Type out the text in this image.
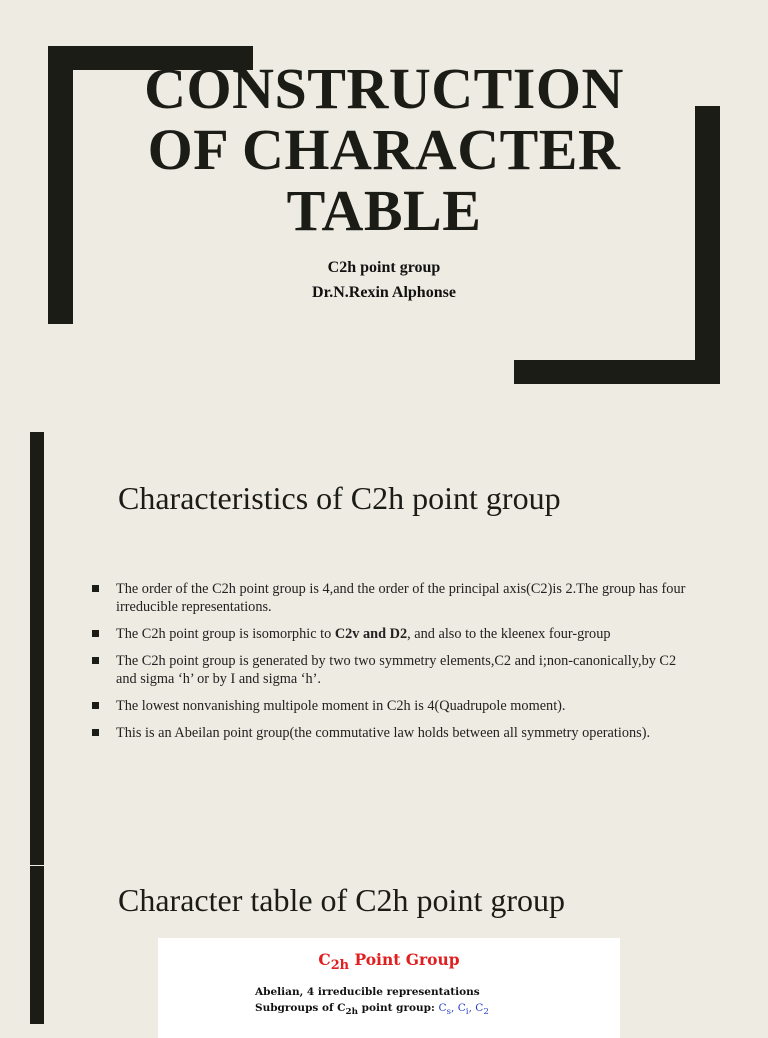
CONSTRUCTION
OF CHARACTER
TABLE
C2h point group
Dr.N.Rexin Alphonse
Characteristics of C2h point group
The order of the C2h point group is 4,and the order of the principal axis(C2)is 2.The group has four irreducible representations.
The C2h point group is isomorphic to C2v and D2, and also to the kleenex four-group
The C2h point group is generated by two two symmetry elements,C2 and i;non-canonically,by C2 and sigma ‘h’ or by I and sigma ‘h’.
The lowest nonvanishing multipole moment in C2h is 4(Quadrupole moment).
This is an Abeilan point group(the commutative law holds between all symmetry operations).
Character table of C2h point group
$C_{2h}$ Point Group
Abelian, 4 irreducible representations
Subgroups of $C_{2h}$ point group: $C_s$, $C_i$, $C_2$
